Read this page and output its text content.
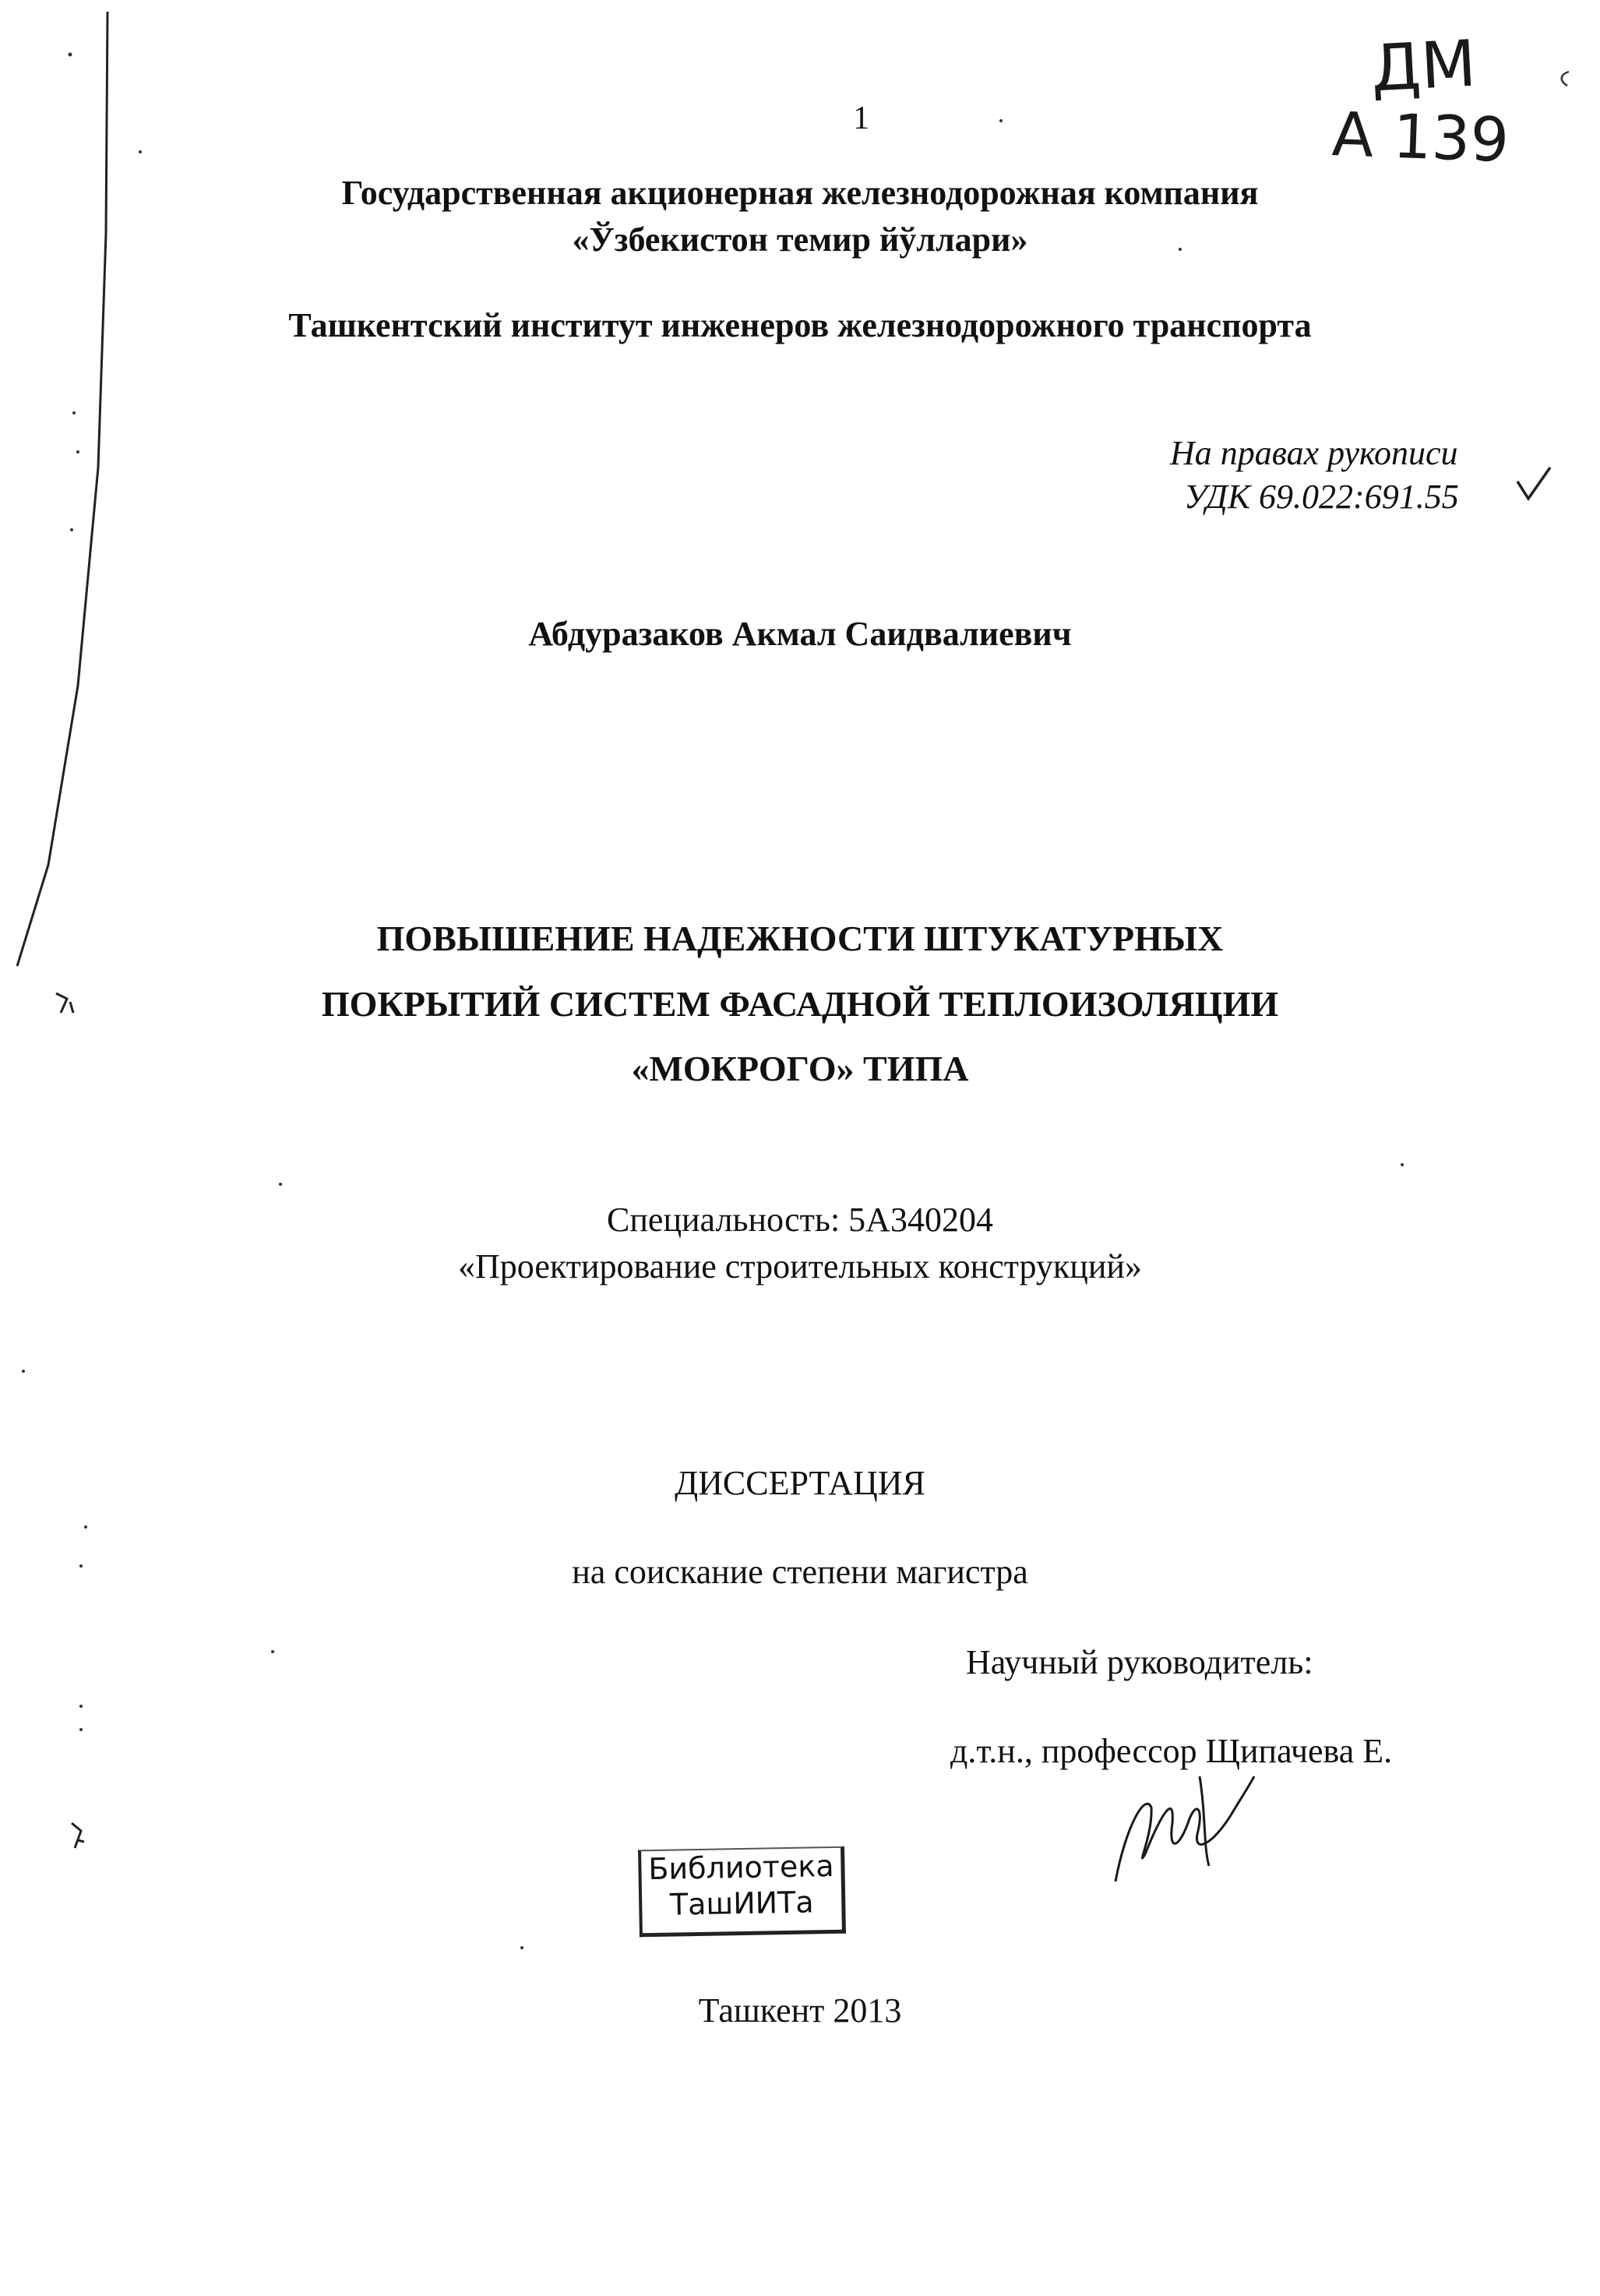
ДМ
А 139
1
Государственная акционерная железнодорожная компания
«Ўзбекистон темир йўллари»
Ташкентский институт инженеров железнодорожного транспорта
На правах рукописи
УДК 69.022:691.55
Абдуразаков Акмал Саидвалиевич
ПОВЫШЕНИЕ НАДЕЖНОСТИ ШТУКАТУРНЫХ
ПОКРЫТИЙ СИСТЕМ ФАСАДНОЙ ТЕПЛОИЗОЛЯЦИИ
«МОКРОГО» ТИПА
Специальность: 5А340204
«Проектирование строительных конструкций»
ДИССЕРТАЦИЯ
на соискание степени магистра
Научный руководитель:
д.т.н., профессор Щипачева Е.
Библиотека
ТашИИТа
Ташкент 2013
